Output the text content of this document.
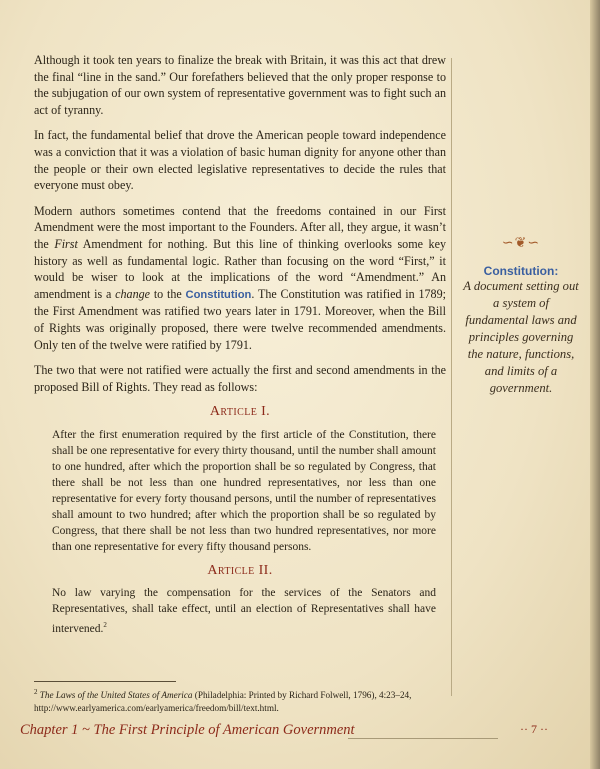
Although it took ten years to finalize the break with Britain, it was this act that drew the final “line in the sand.” Our forefathers believed that the only proper response to the subjugation of our own system of representative government was to fight such an act of tyranny.

In fact, the fundamental belief that drove the American people toward independence was a conviction that it was a violation of basic human dignity for anyone other than the people or their own elected legislative representatives to decide the rules that everyone must obey.

Modern authors sometimes contend that the freedoms contained in our First Amendment were the most important to the Founders. After all, they argue, it wasn’t the First Amendment for nothing. But this line of thinking overlooks some key history as well as fundamental logic. Rather than focusing on the word “First,” it would be wiser to look at the implications of the word “Amendment.” An amendment is a change to the Constitution. The Constitution was ratified in 1789; the First Amendment was ratified two years later in 1791. Moreover, when the Bill of Rights was originally proposed, there were twelve recommended amendments. Only ten of the twelve were ratified by 1791.

The two that were not ratified were actually the first and second amendments in the proposed Bill of Rights. They read as follows:

Article I.
After the first enumeration required by the first article of the Constitution, there shall be one representative for every thirty thousand, until the number shall amount to one hundred, after which the proportion shall be so regulated by Congress, that there shall be not less than one hundred representatives, nor less than one representative for every forty thousand persons, until the number of representatives shall amount to two hundred; after which the proportion shall be so regulated by Congress, that there shall be not less than two hundred representatives, nor more than one representative for every fifty thousand persons.
Article II.
No law varying the compensation for the services of the Senators and Representatives, shall take effect, until an election of Representatives shall have intervened.$^2$
∽❦∽
Constitution:
A document setting out a system of fundamental laws and principles governing the nature, functions, and limits of a government.
$^2$ The Laws of the United States of America (Philadelphia: Printed by Richard Folwell, 1796), 4:23–24, http://www.earlyamerica.com/earlyamerica/freedom/bill/text.html.
Chapter 1 ~ The First Principle of American Government	·· 7 ··
